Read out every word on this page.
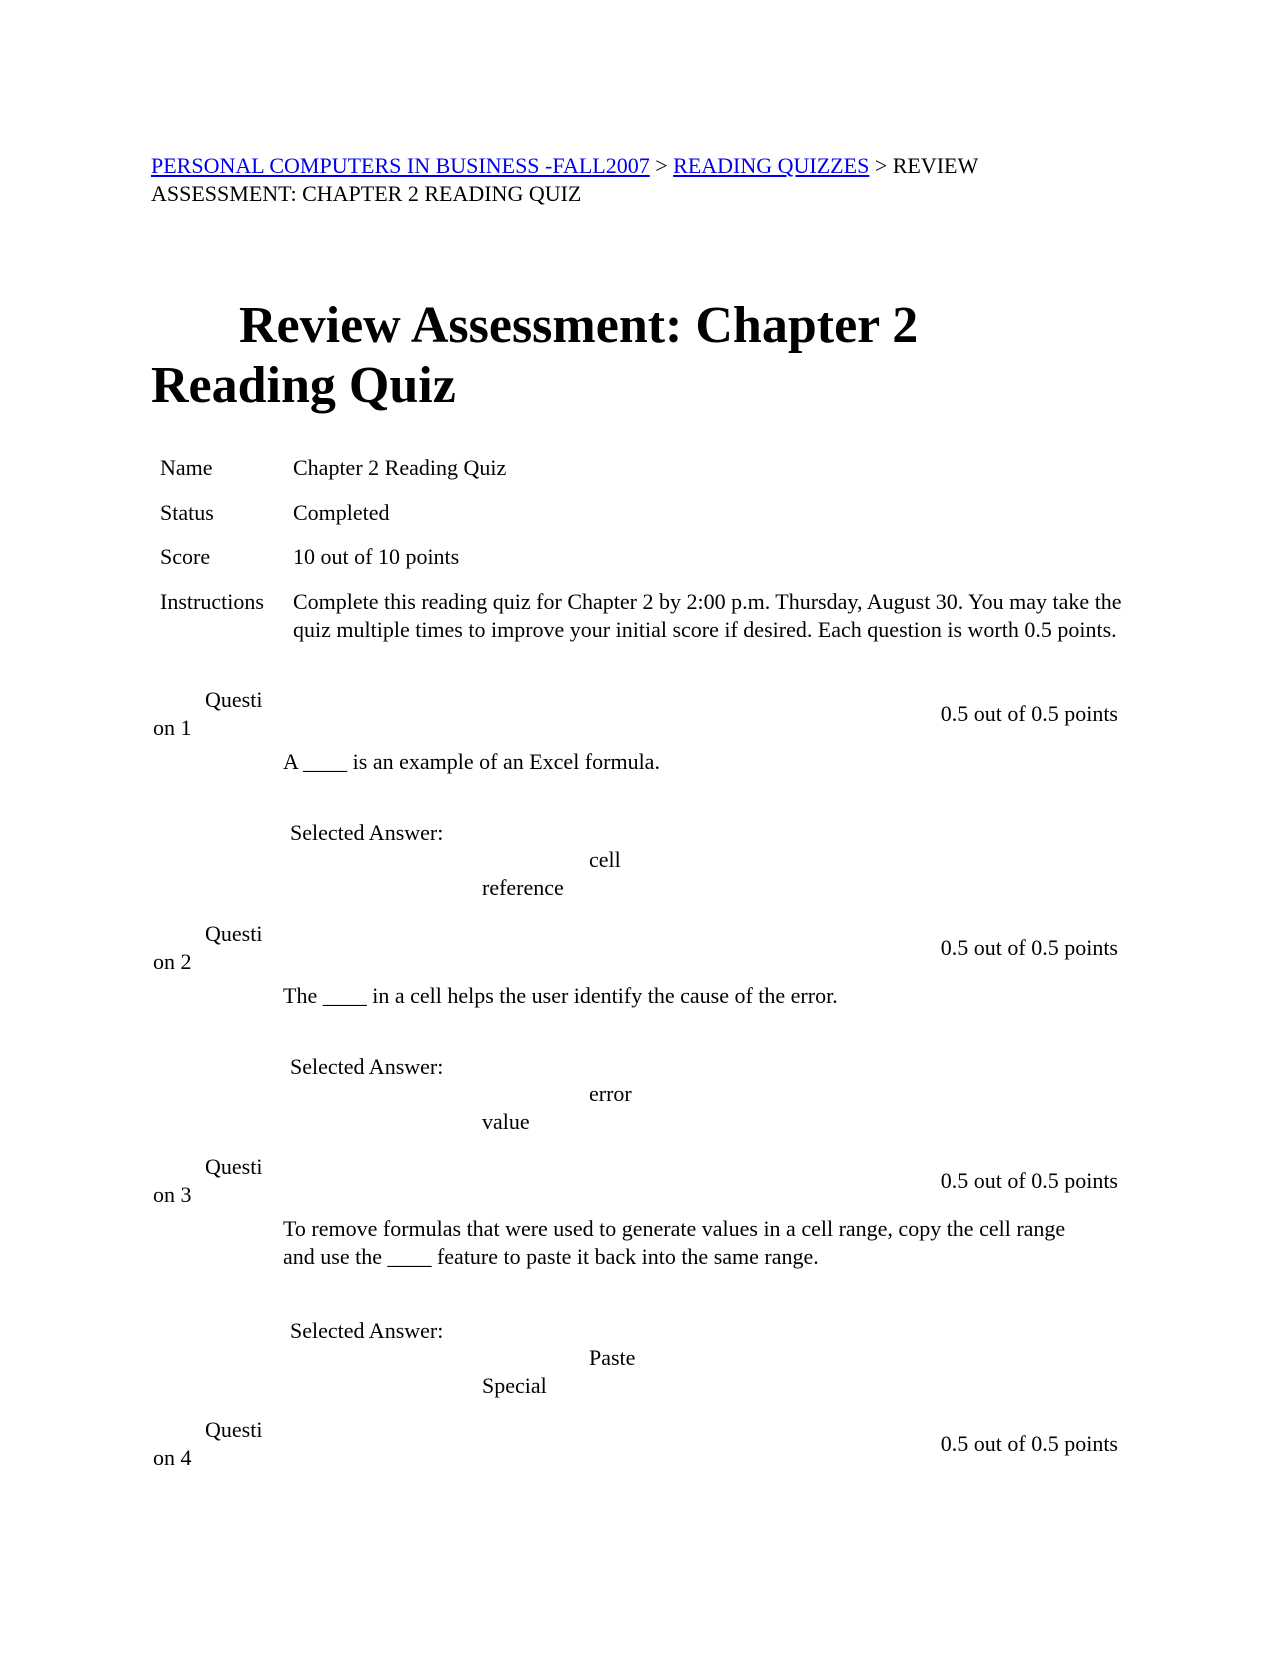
PERSONAL COMPUTERS IN BUSINESS -FALL2007 > READING QUIZZES > REVIEW ASSESSMENT: CHAPTER 2 READING QUIZ
Review Assessment: Chapter 2 Reading Quiz
Name	Chapter 2 Reading Quiz
Status	Completed
Score	10 out of 10 points
Instructions	Complete this reading quiz for Chapter 2 by 2:00 p.m. Thursday, August 30. You may take the quiz multiple times to improve your initial score if desired. Each question is worth 0.5 points.
Question 1
0.5 out of 0.5 points
A ____ is an example of an Excel formula.
Selected Answer:
cell reference
Question 2
0.5 out of 0.5 points
The ____ in a cell helps the user identify the cause of the error.
Selected Answer:
error value
Question 3
0.5 out of 0.5 points
To remove formulas that were used to generate values in a cell range, copy the cell range and use the ____ feature to paste it back into the same range.
Selected Answer:
Paste Special
Question 4
0.5 out of 0.5 points
